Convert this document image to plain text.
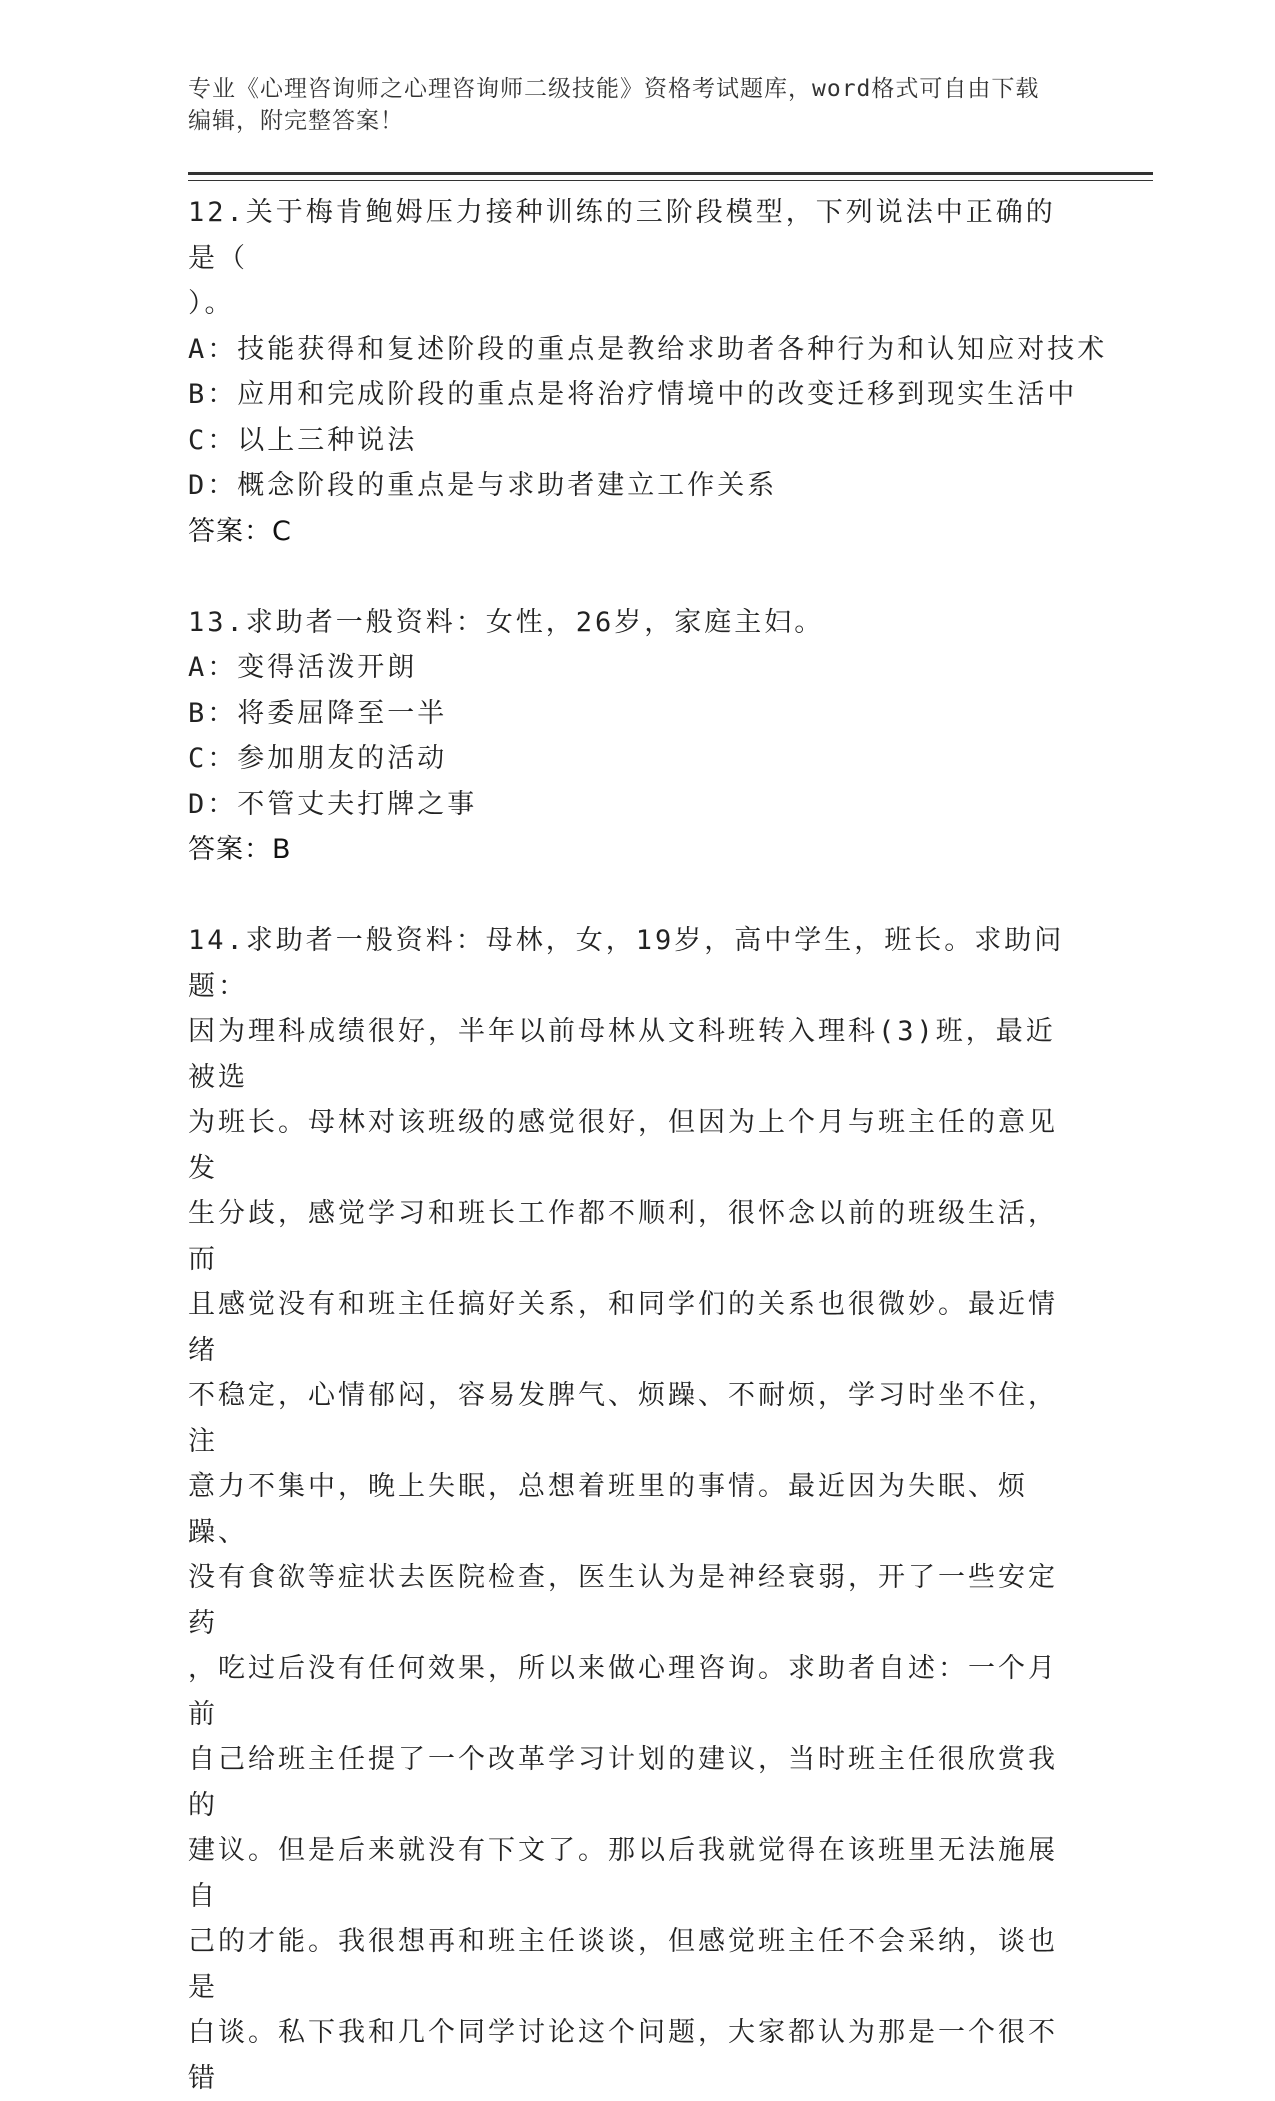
专业《心理咨询师之心理咨询师二级技能》资格考试题库，word格式可自由下载
编辑，附完整答案！
12.关于梅肯鲍姆压力接种训练的三阶段模型，下列说法中正确的是（
）。
A：技能获得和复述阶段的重点是教给求助者各种行为和认知应对技术
B：应用和完成阶段的重点是将治疗情境中的改变迁移到现实生活中
C：以上三种说法
D：概念阶段的重点是与求助者建立工作关系
答案：C
13.求助者一般资料：女性，26岁，家庭主妇。
A：变得活泼开朗
B：将委屈降至一半
C：参加朋友的活动
D：不管丈夫打牌之事
答案：B
14.求助者一般资料：母林，女，19岁，高中学生，班长。求助问题：
因为理科成绩很好，半年以前母林从文科班转入理科(3)班，最近被选
为班长。母林对该班级的感觉很好，但因为上个月与班主任的意见发
生分歧，感觉学习和班长工作都不顺利，很怀念以前的班级生活，而
且感觉没有和班主任搞好关系，和同学们的关系也很微妙。最近情绪
不稳定，心情郁闷，容易发脾气、烦躁、不耐烦，学习时坐不住，注
意力不集中，晚上失眠，总想着班里的事情。最近因为失眠、烦躁、
没有食欲等症状去医院检查，医生认为是神经衰弱，开了一些安定药
，吃过后没有任何效果，所以来做心理咨询。求助者自述：一个月前
自己给班主任提了一个改革学习计划的建议，当时班主任很欣赏我的
建议。但是后来就没有下文了。那以后我就觉得在该班里无法施展自
己的才能。我很想再和班主任谈谈，但感觉班主任不会采纳，谈也是
白谈。私下我和几个同学讨论这个问题，大家都认为那是一个很不错
